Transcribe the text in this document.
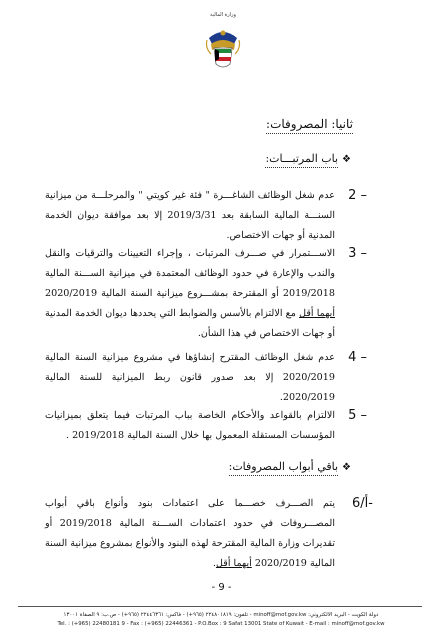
وزارة المالية
ثانيا: المصروفات:
❖باب المرتبـــات:
2 –
عدم شغل الوظائف الشاغـــرة " فئة غير كويتي " والمرحلـــة من ميزانية السنـــة المالية السابقة بعد 2019/3/31 إلا بعد موافقة ديوان الخدمة المدنية أو جهات الاختصاص.
3 –
الاســـتمرار في صـــرف المرتبات ، وإجراء التعيينات والترقيات والنقل والندب والإعارة في حدود الوظائف المعتمدة في ميزانية الســـنة المالية 2019/2018 أو المقترحة بمشـــروع ميزانية السنة المالية 2020/2019 أيهما أقل مع الالتزام بالأسس والضوابط التي يحددها ديوان الخدمة المدنية أو جهات الاختصاص في هذا الشأن.
4 –
عدم شغل الوظائف المقترح إنشاؤها في مشروع ميزانية السنة المالية 2020/2019 إلا بعد صدور قانون ربط الميزانية للسنة المالية 2020/2019.
5 –
الالتزام بالقواعد والأحكام الخاصة بباب المرتبات فيما يتعلق بميزانيات المؤسسات المستقلة المعمول بها خلال السنة المالية 2019/2018 .
❖باقي أبواب المصروفات:
6/أ-
يتم الصـــرف خصـــما على اعتمادات بنود وأنواع باقي أبواب المصـــروفات في حدود اعتمادات الســـنة المالية 2019/2018 أو تقديرات وزارة المالية المقترحة لهذه البنود والأنواع بمشروع ميزانية السنة المالية 2020/2019 أيهما أقل.
- 9 -
دولة الكويت - البريد الالكتروني: minoff@mof.gov.kw - تلفون: ٢٢٤٨٠١٨١٩ (٩٦٥+) - فاكس: ٢٢٤٤٦٣٦١ (٩٦٥+) - ص.ب: ٩ الصفاة ١٣٠٠١
Tel. : (+965) 22480181 9 - Fax : (+965) 22446361 - P.O.Box : 9 Safat 13001 State of Kuwait - E-mail : minoff@mof.gov.kw
